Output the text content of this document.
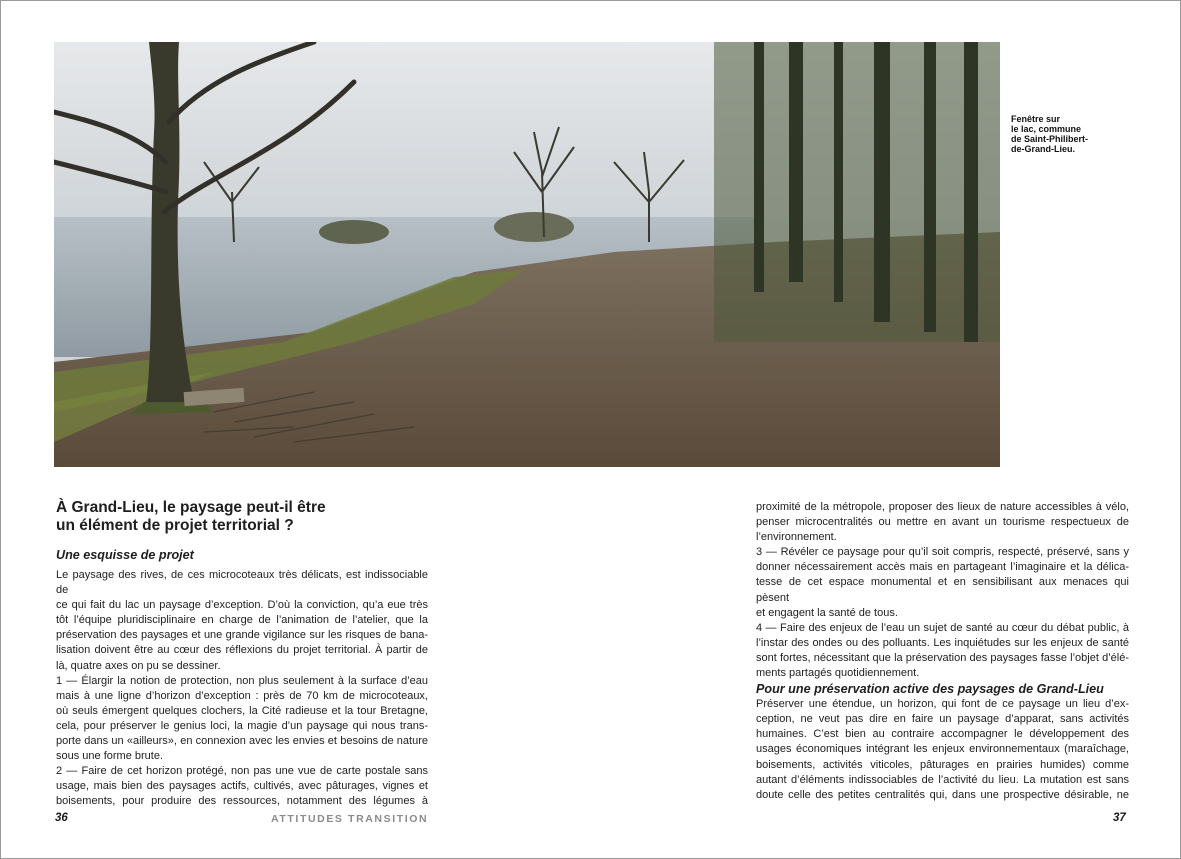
Fenêtre sur
le lac, commune
de Saint-Philibert-
de-Grand-Lieu.
À Grand-Lieu, le paysage peut-il être
un élément de projet territorial ?

Une esquisse de projet

Le paysage des rives, de ces microcoteaux très délicats, est indissociable de
ce qui fait du lac un paysage d’exception. D’où la conviction, qu’a eue très
tôt l’équipe pluridisciplinaire en charge de l’animation de l’atelier, que la
préservation des paysages et une grande vigilance sur les risques de bana-
lisation doivent être au cœur des réflexions du projet territorial. À partir de
là, quatre axes on pu se dessiner.
1 — Élargir la notion de protection, non plus seulement à la surface d’eau
mais à une ligne d’horizon d’exception : près de 70 km de microcoteaux,
où seuls émergent quelques clochers, la Cité radieuse et la tour Bretagne,
cela, pour préserver le genius loci, la magie d’un paysage qui nous trans-
porte dans un «ailleurs», en connexion avec les envies et besoins de nature
sous une forme brute.
2 — Faire de cet horizon protégé, non pas une vue de carte postale sans
usage, mais bien des paysages actifs, cultivés, avec pâturages, vignes et
boisements, pour produire des ressources, notamment des légumes à
proximité de la métropole, proposer des lieux de nature accessibles à vélo,
penser microcentralités ou mettre en avant un tourisme respectueux de
l’environnement.
3 — Révéler ce paysage pour qu’il soit compris, respecté, préservé, sans y
donner nécessairement accès mais en partageant l’imaginaire et la délica-
tesse de cet espace monumental et en sensibilisant aux menaces qui pèsent
et engagent la santé de tous.
4 — Faire des enjeux de l’eau un sujet de santé au cœur du débat public, à
l’instar des ondes ou des polluants. Les inquiétudes sur les enjeux de santé
sont fortes, nécessitant que la préservation des paysages fasse l’objet d’élé-
ments partagés quotidiennement.
Pour une préservation active des paysages de Grand-Lieu
Préserver une étendue, un horizon, qui font de ce paysage un lieu d’ex-
ception, ne veut pas dire en faire un paysage d’apparat, sans activités
humaines. C’est bien au contraire accompagner le développement des
usages économiques intégrant les enjeux environnementaux (maraîchage,
boisements, activités viticoles, pâturages en prairies humides) comme
autant d’éléments indissociables de l’activité du lieu. La mutation est sans
doute celle des petites centralités qui, dans une prospective désirable, ne
36	ATTITUDES TRANSITION	37
